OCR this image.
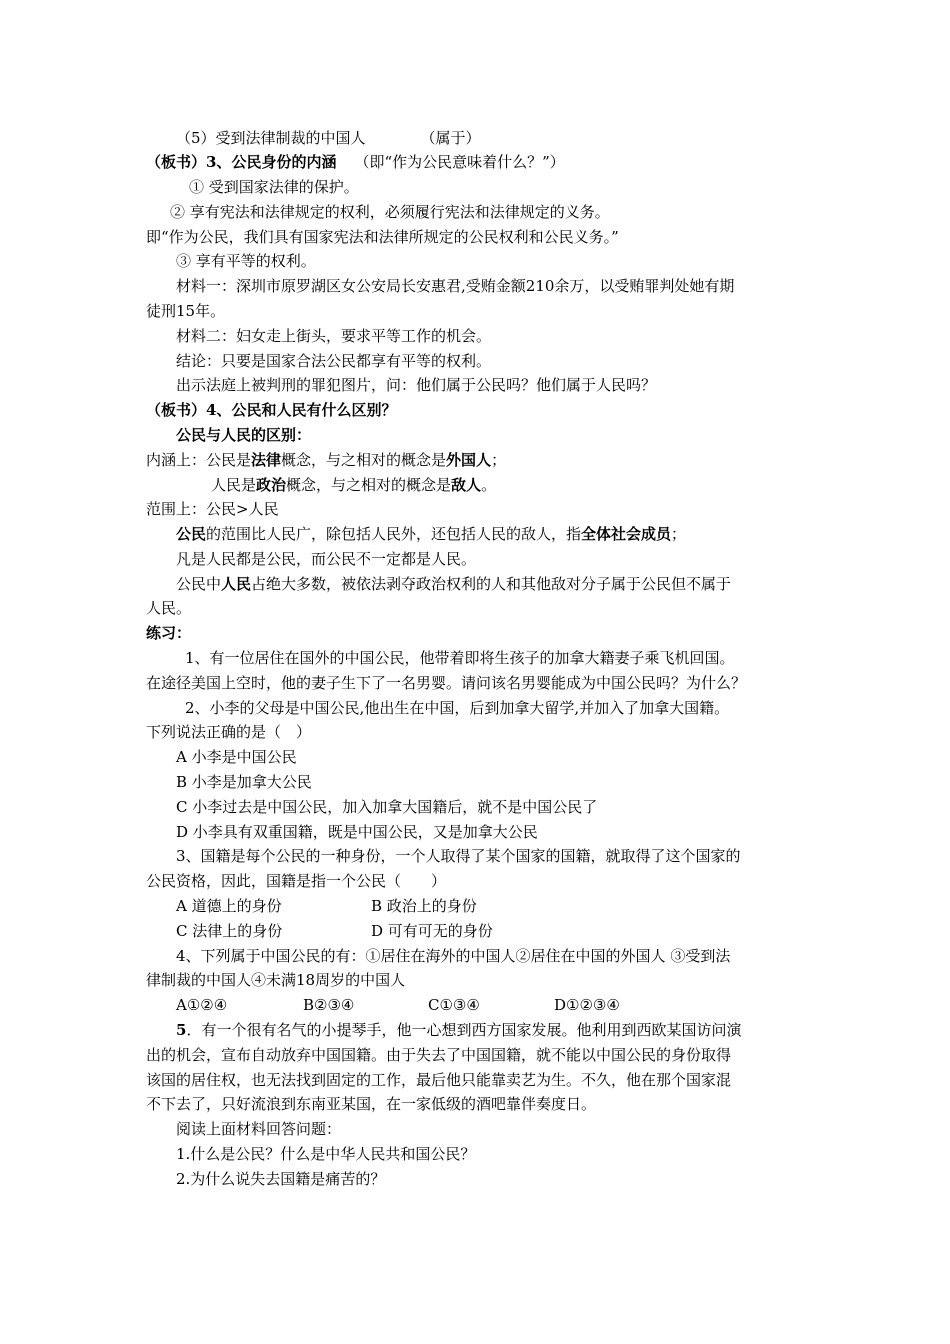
（5）受到法律制裁的中国人	（属于）
（板书）3、公民身份的内涵 （即“作为公民意味着什么？”）
① 受到国家法律的保护。
② 享有宪法和法律规定的权利，必须履行宪法和法律规定的义务。
即“作为公民，我们具有国家宪法和法律所规定的公民权利和公民义务。”
③ 享有平等的权利。
材料一：深圳市原罗湖区女公安局长安惠君,受贿金额210余万，以受贿罪判处她有期
徒刑15年。
材料二：妇女走上街头，要求平等工作的机会。
结论：只要是国家合法公民都享有平等的权利。
出示法庭上被判刑的罪犯图片，问：他们属于公民吗？他们属于人民吗？
（板书）4、公民和人民有什么区别？
公民与人民的区别：
内涵上：公民是法律概念，与之相对的概念是外国人；
人民是政治概念，与之相对的概念是敌人。
范围上：公民>人民
公民的范围比人民广，除包括人民外，还包括人民的敌人，指全体社会成员；
凡是人民都是公民，而公民不一定都是人民。
公民中人民占绝大多数，被依法剥夺政治权利的人和其他敌对分子属于公民但不属于
人民。
练习：
1、有一位居住在国外的中国公民，他带着即将生孩子的加拿大籍妻子乘飞机回国。
在途径美国上空时，他的妻子生下了一名男婴。请问该名男婴能成为中国公民吗？为什么？
2、小李的父母是中国公民,他出生在中国，后到加拿大留学,并加入了加拿大国籍。
下列说法正确的是（　）
A 小李是中国公民
B 小李是加拿大公民
C 小李过去是中国公民，加入加拿大国籍后，就不是中国公民了
D 小李具有双重国籍，既是中国公民，又是加拿大公民
3、国籍是每个公民的一种身份，一个人取得了某个国家的国籍，就取得了这个国家的
公民资格，因此，国籍是指一个公民（　　）
A 道德上的身份	B 政治上的身份
C 法律上的身份	D 可有可无的身份
4、下列属于中国公民的有：①居住在海外的中国人②居住在中国的外国人 ③受到法
律制裁的中国人④未满18周岁的中国人
A①②④	B②③④	C①③④	D①②③④
5．有一个很有名气的小提琴手，他一心想到西方国家发展。他利用到西欧某国访问演
出的机会，宣布自动放弃中国国籍。由于失去了中国国籍，就不能以中国公民的身份取得
该国的居住权，也无法找到固定的工作，最后他只能靠卖艺为生。不久，他在那个国家混
不下去了，只好流浪到东南亚某国，在一家低级的酒吧靠伴奏度日。
阅读上面材料回答问题：
1.什么是公民？什么是中华人民共和国公民？
2.为什么说失去国籍是痛苦的？
